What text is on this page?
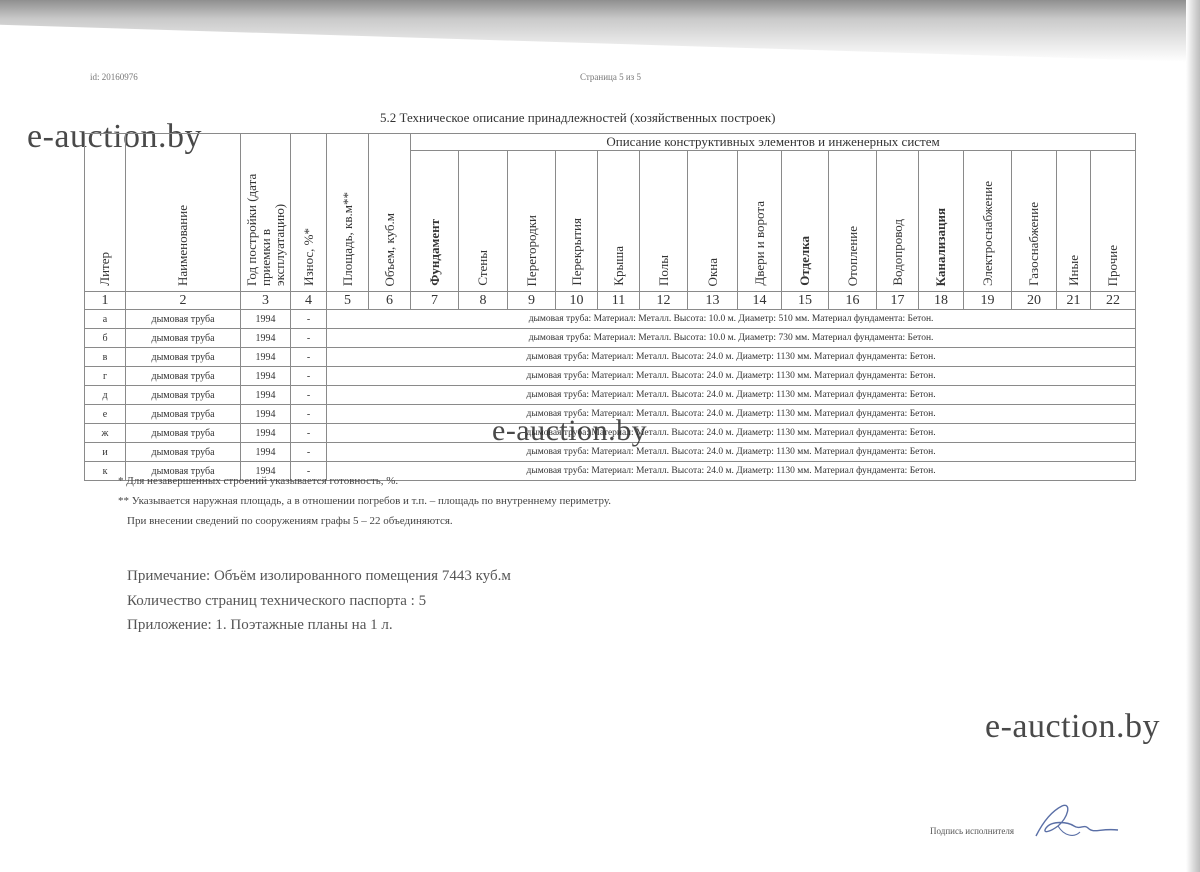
id: 20160976	Страница 5 из 5
5.2 Техническое описание принадлежностей (хозяйственных построек)
e-auction.by
Литер	Наименование	Год постройки (дата приемки в эксплуатацию)	Износ, %*	Площадь, кв.м**	Объем, куб.м	Описание конструктивных элементов и инженерных систем															
						Фундамент	Стены	Перегородки	Перекрытия	Крыша	Полы	Окна	Двери и ворота	Отделка	Отопление	Водопровод	Канализация	Электроснабжение	Газоснабжение	Иные	Прочие
1	2	3	4	5	6	7	8	9	10	11	12	13	14	15	16	17	18	19	20	21	22
а	дымовая труба	1994	-	дымовая труба: Материал: Металл. Высота: 10.0 м. Диаметр: 510 мм. Материал фундамента: Бетон.																	
б	дымовая труба	1994	-	дымовая труба: Материал: Металл. Высота: 10.0 м. Диаметр: 730 мм. Материал фундамента: Бетон.																	
в	дымовая труба	1994	-	дымовая труба: Материал: Металл. Высота: 24.0 м. Диаметр: 1130 мм. Материал фундамента: Бетон.																	
г	дымовая труба	1994	-	дымовая труба: Материал: Металл. Высота: 24.0 м. Диаметр: 1130 мм. Материал фундамента: Бетон.																	
д	дымовая труба	1994	-	дымовая труба: Материал: Металл. Высота: 24.0 м. Диаметр: 1130 мм. Материал фундамента: Бетон.																	
е	дымовая труба	1994	-	дымовая труба: Материал: Металл. Высота: 24.0 м. Диаметр: 1130 мм. Материал фундамента: Бетон.																	
ж	дымовая труба	1994	-	дымовая труба: Материал: Металл. Высота: 24.0 м. Диаметр: 1130 мм. Материал фундамента: Бетон.																	
и	дымовая труба	1994	-	дымовая труба: Материал: Металл. Высота: 24.0 м. Диаметр: 1130 мм. Материал фундамента: Бетон.																	
к	дымовая труба	1994	-	дымовая труба: Материал: Металл. Высота: 24.0 м. Диаметр: 1130 мм. Материал фундамента: Бетон.																	
e-auction.by
* Для незавершенных строений указывается готовность, %.
** Указывается наружная площадь, а в отношении погребов и т.п. – площадь по внутреннему периметру.
При внесении сведений по сооружениям графы 5 – 22 объединяются.
Примечание: Объём изолированного помещения 7443 куб.м
Количество страниц технического паспорта : 5
Приложение: 1. Поэтажные планы на 1 л.
e-auction.by
Подпись исполнителя
